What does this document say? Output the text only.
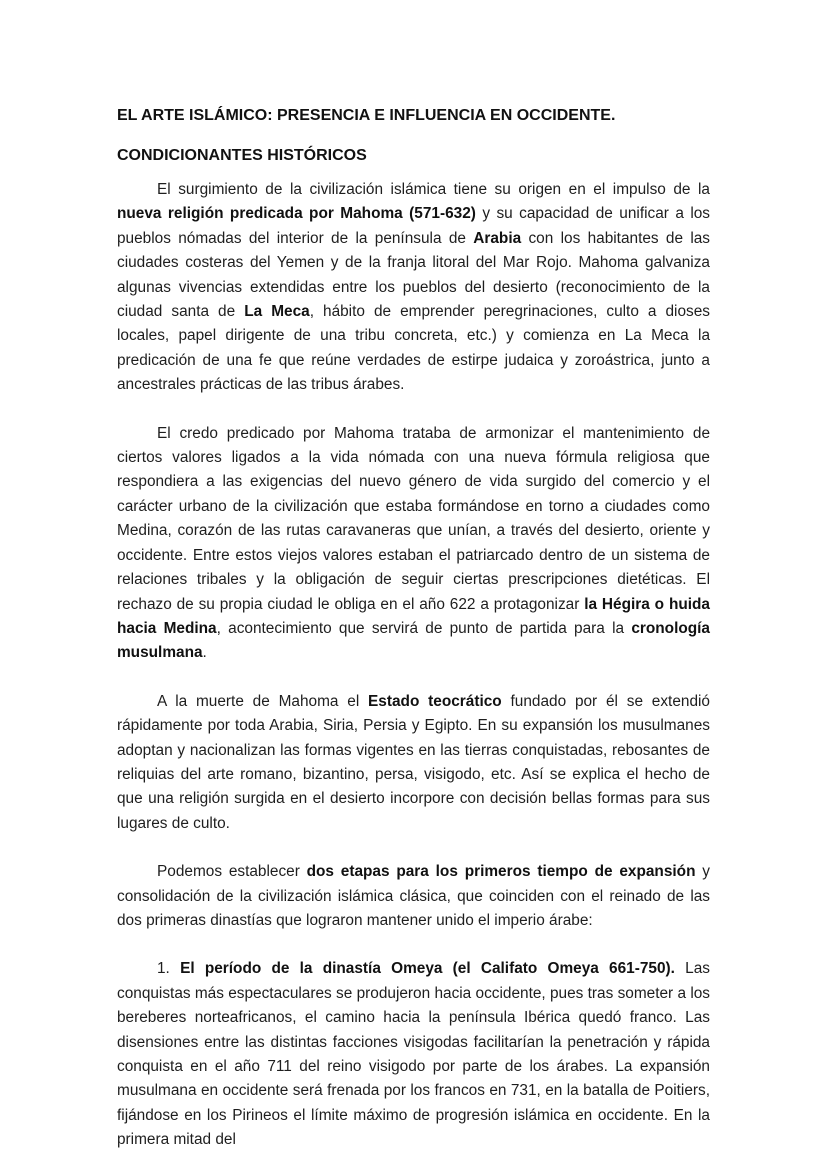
EL ARTE ISLÁMICO: PRESENCIA E INFLUENCIA EN OCCIDENTE.
CONDICIONANTES HISTÓRICOS

El surgimiento de la civilización islámica tiene su origen en el impulso de la nueva religión predicada por Mahoma (571-632) y su capacidad de unificar a los pueblos nómadas del interior de la península de Arabia con los habitantes de las ciudades costeras del Yemen y de la franja litoral del Mar Rojo. Mahoma galvaniza algunas vivencias extendidas entre los pueblos del desierto (reconocimiento de la ciudad santa de La Meca, hábito de emprender peregrinaciones, culto a dioses locales, papel dirigente de una tribu concreta, etc.) y comienza en La Meca la predicación de una fe que reúne verdades de estirpe judaica y zoroástrica, junto a ancestrales prácticas de las tribus árabes.

El credo predicado por Mahoma trataba de armonizar el mantenimiento de ciertos valores ligados a la vida nómada con una nueva fórmula religiosa que respondiera a las exigencias del nuevo género de vida surgido del comercio y el carácter urbano de la civilización que estaba formándose en torno a ciudades como Medina, corazón de las rutas caravaneras que unían, a través del desierto, oriente y occidente. Entre estos viejos valores estaban el patriarcado dentro de un sistema de relaciones tribales y la obligación de seguir ciertas prescripciones dietéticas. El rechazo de su propia ciudad le obliga en el año 622 a protagonizar la Hégira o huida hacia Medina, acontecimiento que servirá de punto de partida para la cronología musulmana.

A la muerte de Mahoma el Estado teocrático fundado por él se extendió rápidamente por toda Arabia, Siria, Persia y Egipto. En su expansión los musulmanes adoptan y nacionalizan las formas vigentes en las tierras conquistadas, rebosantes de reliquias del arte romano, bizantino, persa, visigodo, etc. Así se explica el hecho de que una religión surgida en el desierto incorpore con decisión bellas formas para sus lugares de culto.

Podemos establecer dos etapas para los primeros tiempo de expansión y consolidación de la civilización islámica clásica, que coinciden con el reinado de las dos primeras dinastías que lograron mantener unido el imperio árabe:

1. El período de la dinastía Omeya (el Califato Omeya 661-750). Las conquistas más espectaculares se produjeron hacia occidente, pues tras someter a los bereberes norteafricanos, el camino hacia la península Ibérica quedó franco. Las disensiones entre las distintas facciones visigodas facilitarían la penetración y rápida conquista en el año 711 del reino visigodo por parte de los árabes. La expansión musulmana en occidente será frenada por los francos en 731, en la batalla de Poitiers, fijándose en los Pirineos el límite máximo de progresión islámica en occidente. En la primera mitad del
